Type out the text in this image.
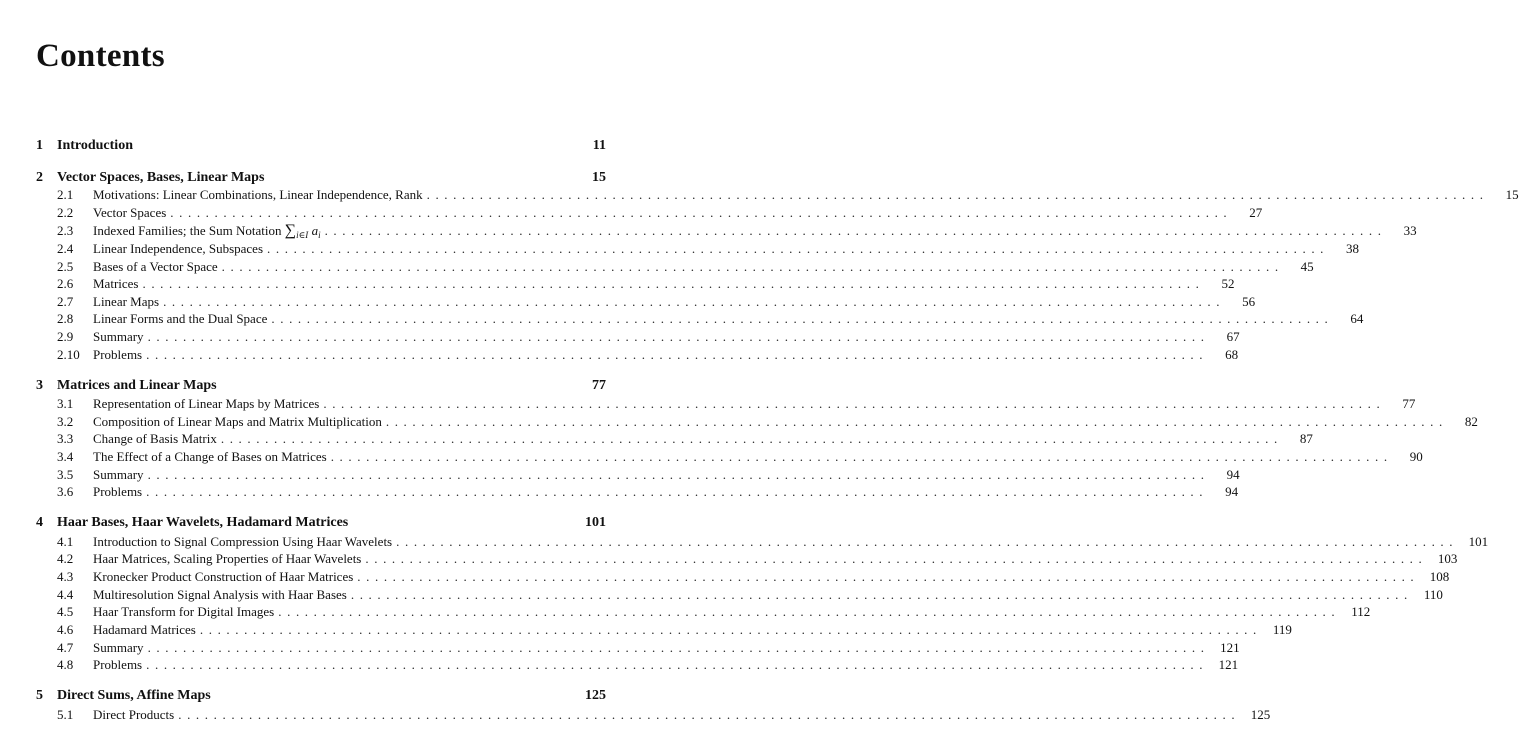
Contents
1 Introduction	11
2 Vector Spaces, Bases, Linear Maps	15
2.1	Motivations: Linear Combinations, Linear Independence, Rank ........................................................................................................................	15
2.2	Vector Spaces ........................................................................................................................	27
2.3	Indexed Families; the Sum Notation $\sum_{i\in I}$ $a_i$ ........................................................................................................................	33
2.4	Linear Independence, Subspaces ........................................................................................................................	38
2.5	Bases of a Vector Space ........................................................................................................................	45
2.6	Matrices ........................................................................................................................	52
2.7	Linear Maps ........................................................................................................................	56
2.8	Linear Forms and the Dual Space ........................................................................................................................	64
2.9	Summary ........................................................................................................................	67
2.10	Problems ........................................................................................................................	68
3 Matrices and Linear Maps	77
3.1	Representation of Linear Maps by Matrices ........................................................................................................................	77
3.2	Composition of Linear Maps and Matrix Multiplication ........................................................................................................................	82
3.3	Change of Basis Matrix ........................................................................................................................	87
3.4	The Effect of a Change of Bases on Matrices ........................................................................................................................	90
3.5	Summary ........................................................................................................................	94
3.6	Problems ........................................................................................................................	94
4 Haar Bases, Haar Wavelets, Hadamard Matrices	101
4.1	Introduction to Signal Compression Using Haar Wavelets ........................................................................................................................ 101
4.2	Haar Matrices, Scaling Properties of Haar Wavelets ........................................................................................................................ 103
4.3	Kronecker Product Construction of Haar Matrices ........................................................................................................................ 108
4.4	Multiresolution Signal Analysis with Haar Bases ........................................................................................................................ 110
4.5	Haar Transform for Digital Images ........................................................................................................................ 112
4.6	Hadamard Matrices ........................................................................................................................ 119
4.7	Summary ........................................................................................................................ 121
4.8	Problems ........................................................................................................................ 121
5 Direct Sums, Affine Maps	125
5.1	Direct Products ........................................................................................................................ 125
